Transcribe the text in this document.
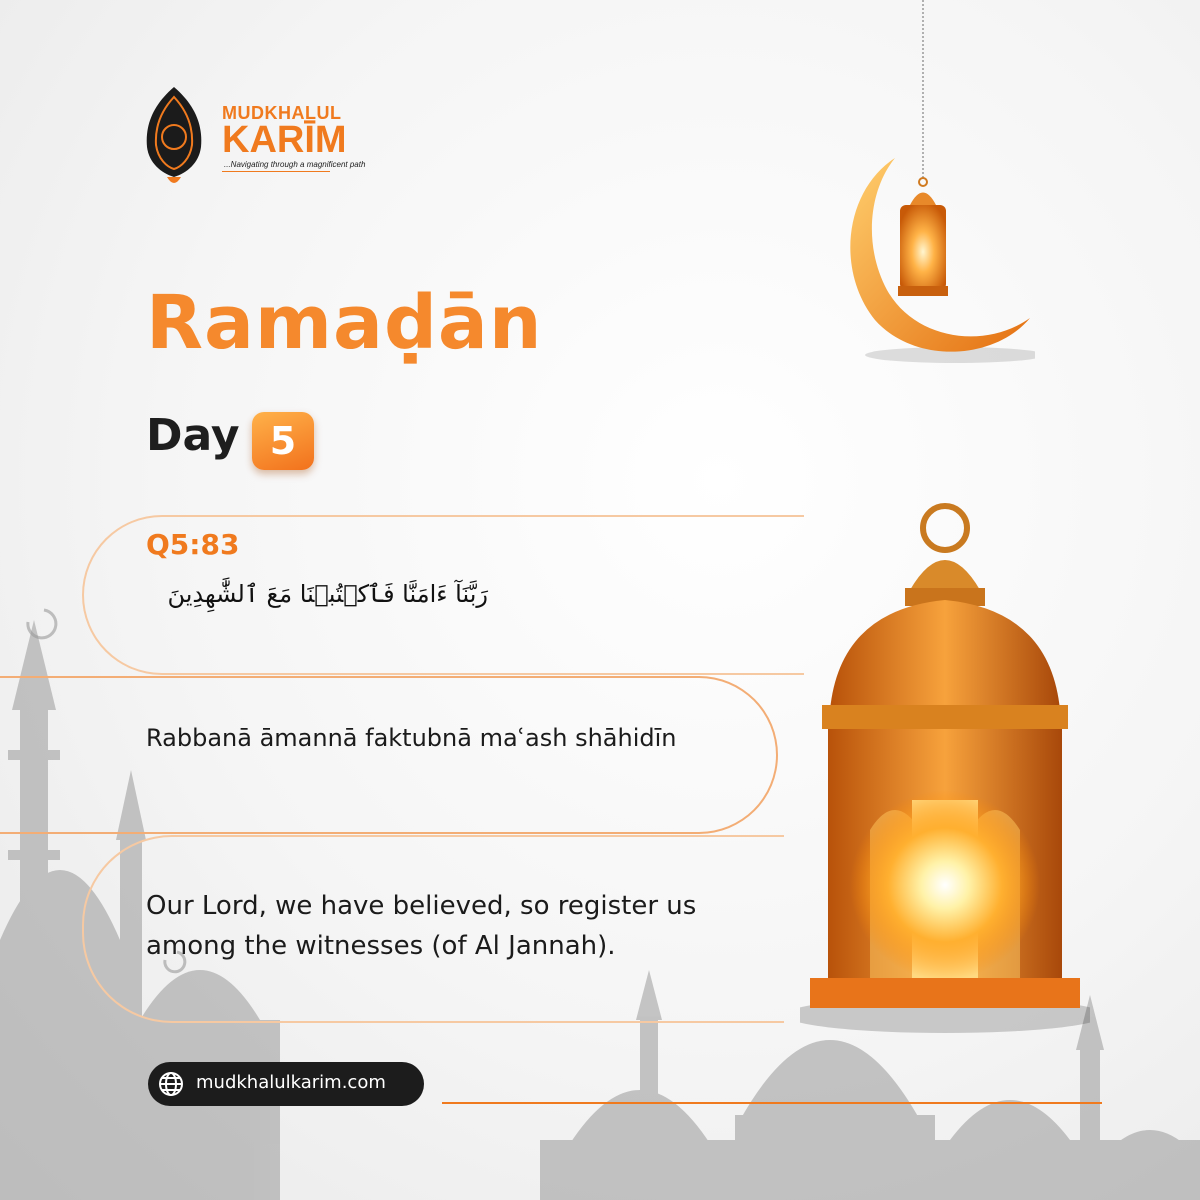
MUDKHALUL
KARĪM
...Navigating through a magnificent path
Ramaḍān
Day 5
Q5:83
رَبَّنَآ ءَامَنَّا فَٱكۡتُبۡنَا مَعَ ٱلشَّٰهِدِينَ
Rabbanā āmannā faktubnā maʿash shāhidīn
Our Lord, we have believed, so register us among the witnesses (of Al Jannah).
mudkhalulkarim.com
